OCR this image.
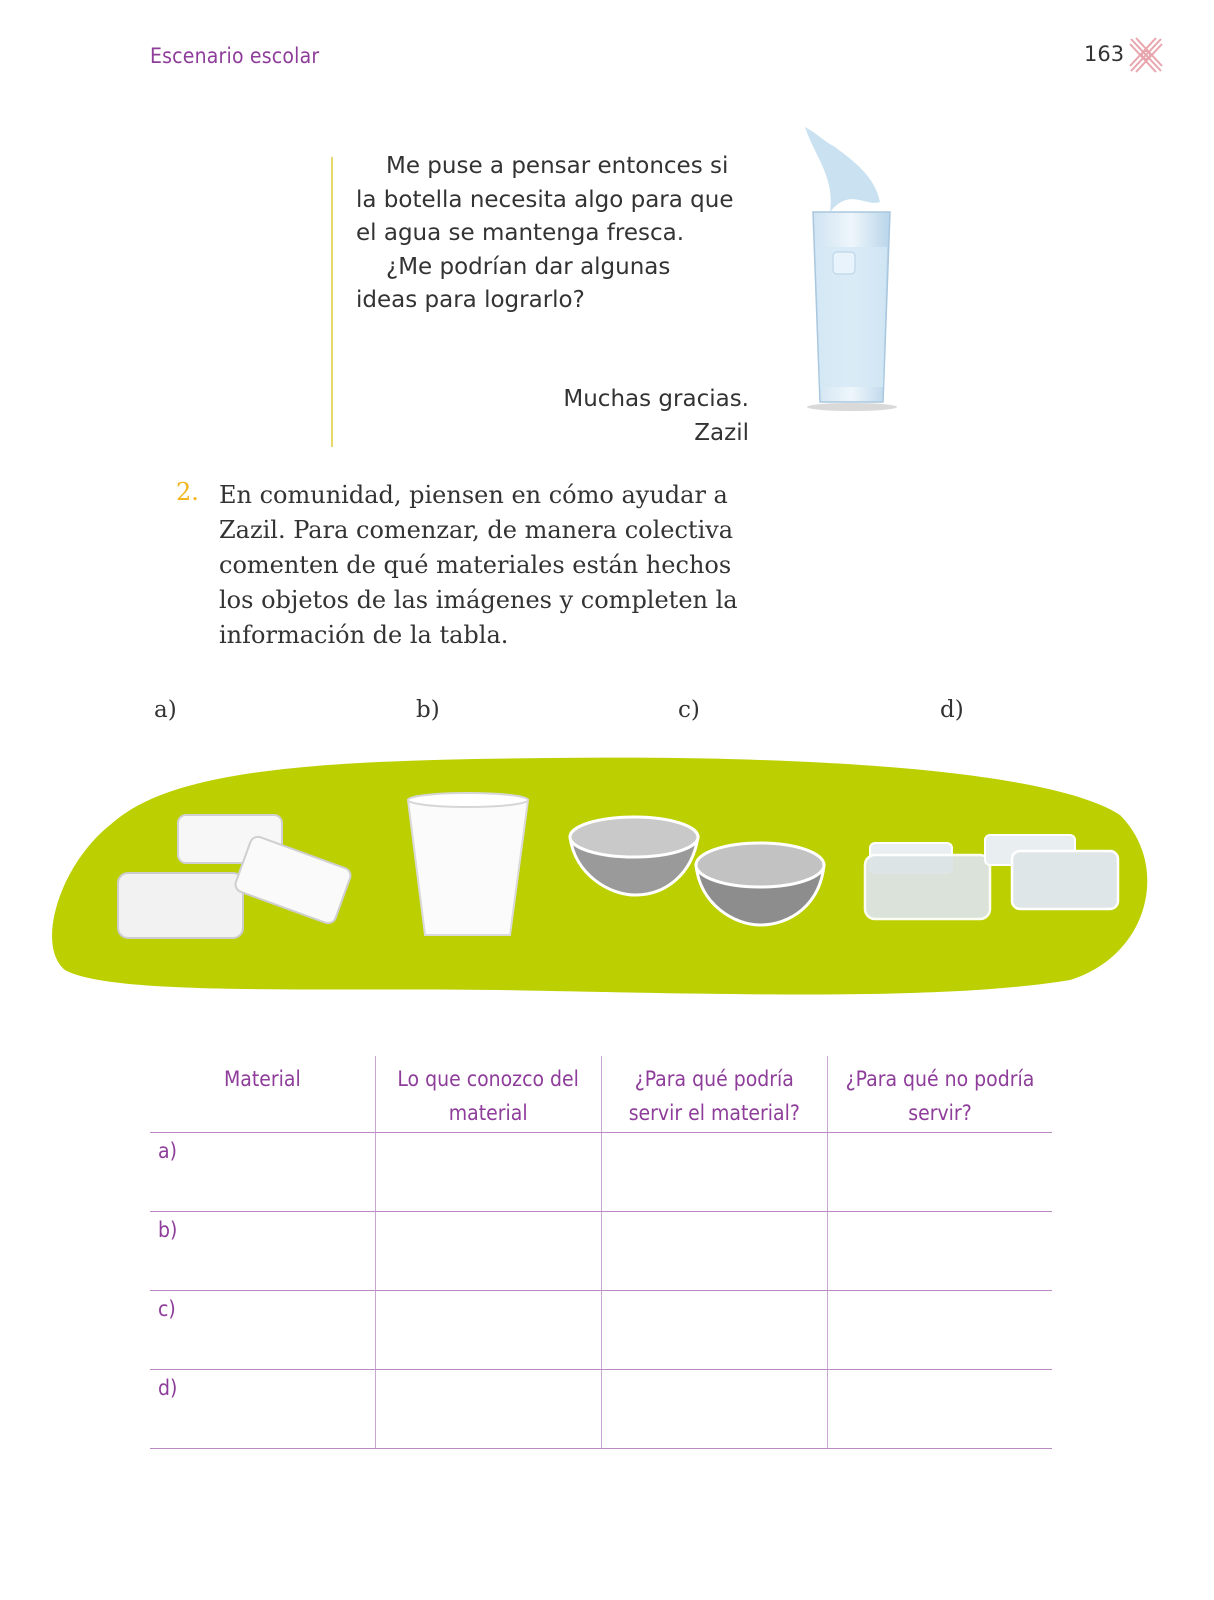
Escenario escolar	163

Me puse a pensar entonces si la botella necesita algo para que el agua se mantenga fresca.

¿Me podrían dar algunas ideas para lograrlo?

Muchas gracias.
Zazil
2. En comunidad, piensen en cómo ayudar a Zazil. Para comenzar, de manera colectiva comenten de qué materiales están hechos los objetos de las imágenes y completen la información de la tabla.
a)	b)	c)	d)
Material	Lo que conozco del material	¿Para qué podría servir el material?	¿Para qué no podría servir?

a)			

b)			

c)			

d)			
